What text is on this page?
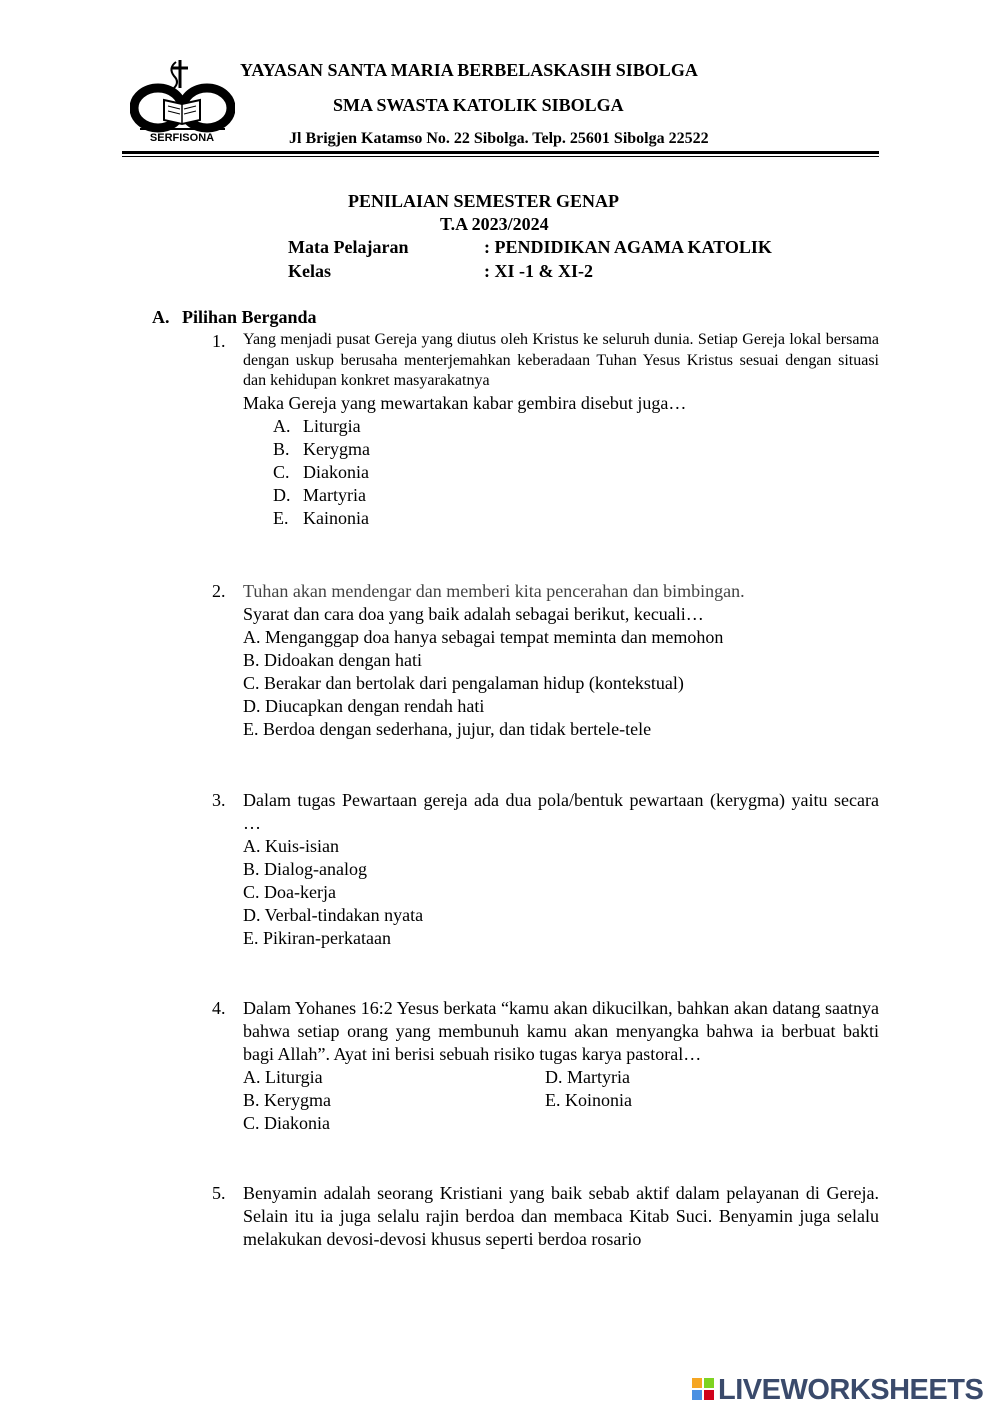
SERFISONA
YAYASAN SANTA MARIA BERBELASKASIH SIBOLGA
SMA SWASTA KATOLIK SIBOLGA
Jl Brigjen Katamso No. 22 Sibolga. Telp. 25601 Sibolga 22522
PENILAIAN SEMESTER GENAP
T.A 2023/2024
Mata Pelajaran	: PENDIDIKAN AGAMA KATOLIK
Kelas	: XI -1 & XI-2
A. Pilihan Berganda
1. Yang menjadi pusat Gereja yang diutus oleh Kristus ke seluruh dunia. Setiap Gereja lokal bersama dengan uskup berusaha menterjemahkan keberadaan Tuhan Yesus Kristus sesuai dengan situasi dan kehidupan konkret masyarakatnya
Maka Gereja yang mewartakan kabar gembira disebut juga…
A. Liturgia
B. Kerygma
C. Diakonia
D. Martyria
E. Kainonia
2. Tuhan akan mendengar dan memberi kita pencerahan dan bimbingan.
Syarat dan cara doa yang baik adalah sebagai berikut, kecuali…
A. Menganggap doa hanya sebagai tempat meminta dan memohon
B. Didoakan dengan hati
C. Berakar dan bertolak dari pengalaman hidup (kontekstual)
D. Diucapkan dengan rendah hati
E. Berdoa dengan sederhana, jujur, dan tidak bertele-tele
3. Dalam tugas Pewartaan gereja ada dua pola/bentuk pewartaan (kerygma) yaitu secara …
A. Kuis-isian
B. Dialog-analog
C. Doa-kerja
D. Verbal-tindakan nyata
E. Pikiran-perkataan
4. Dalam Yohanes 16:2 Yesus berkata “kamu akan dikucilkan, bahkan akan datang saatnya bahwa setiap orang yang membunuh kamu akan menyangka bahwa ia berbuat bakti bagi Allah”. Ayat ini berisi sebuah risiko tugas karya pastoral…
A. Liturgia
B. Kerygma
C. Diakonia
D. Martyria
E. Koinonia
5. Benyamin adalah seorang Kristiani yang baik sebab aktif dalam pelayanan di Gereja. Selain itu ia juga selalu rajin berdoa dan membaca Kitab Suci. Benyamin juga selalu melakukan devosi-devosi khusus seperti berdoa rosario
LIVEWORKSHEETS
